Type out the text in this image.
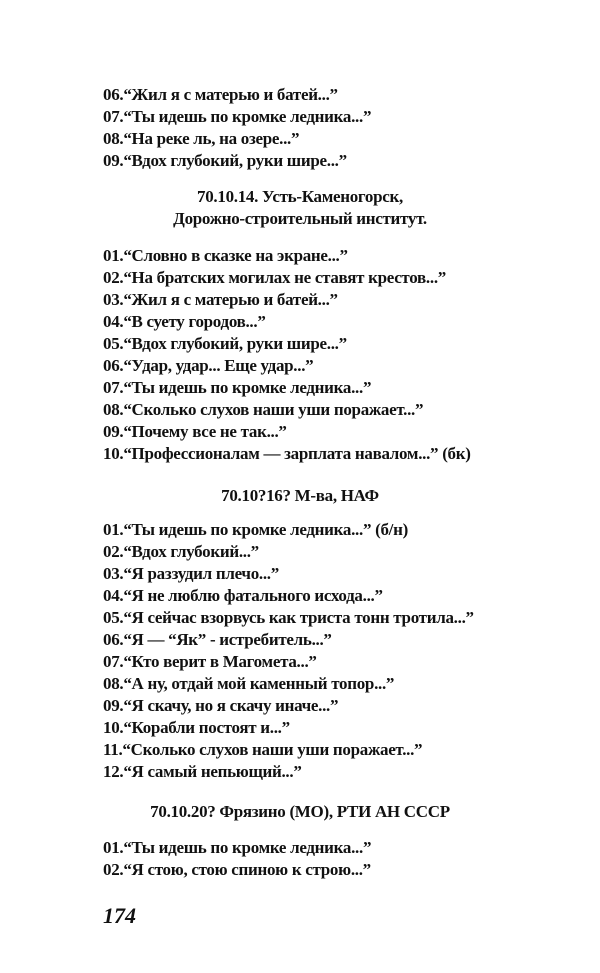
06.“Жил я с матерью и батей...”
07.“Ты идешь по кромке ледника...”
08.“На реке ль, на озере...”
09.“Вдох глубокий, руки шире...”
70.10.14. Усть-Каменогорск,
Дорожно-строительный институт.
01.“Словно в сказке на экране...”
02.“На братских могилах не ставят крестов...”
03.“Жил я с матерью и батей...”
04.“В суету городов...”
05.“Вдох глубокий, руки шире...”
06.“Удар, удар... Еще удар...”
07.“Ты идешь по кромке ледника...”
08.“Сколько слухов наши уши поражает...”
09.“Почему все не так...”
10.“Профессионалам — зарплата навалом...” (бк)
70.10?16? М-ва, НАФ
01.“Ты идешь по кромке ледника...” (б/н)
02.“Вдох глубокий...”
03.“Я раззудил плечо...”
04.“Я не люблю фатального исхода...”
05.“Я сейчас взорвусь как триста тонн тротила...”
06.“Я — “Як” - истребитель...”
07.“Кто верит в Магомета...”
08.“А ну, отдай мой каменный топор...”
09.“Я скачу, но я скачу иначе...”
10.“Корабли постоят и...”
11.“Сколько слухов наши уши поражает...”
12.“Я самый непьющий...”
70.10.20? Фрязино (МО), РТИ АН СССР
01.“Ты идешь по кромке ледника...”
02.“Я стою, стою спиною к строю...”
174
